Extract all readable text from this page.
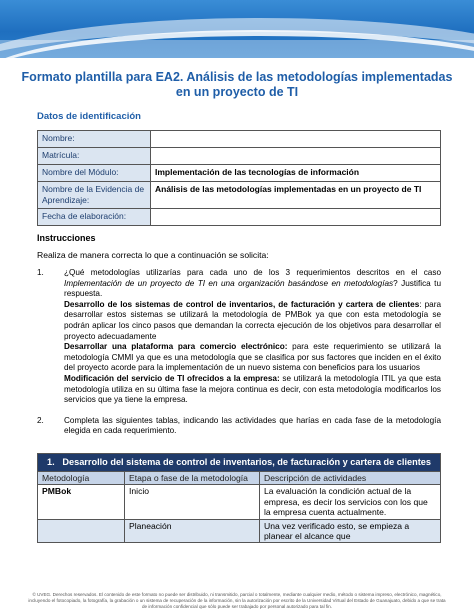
Formato plantilla para EA2. Análisis de las metodologías implementadas
en un proyecto de TI
Datos de identificación
Nombre:	
Matrícula:	
Nombre del Módulo:	Implementación de las tecnologías de información
Nombre de la Evidencia de Aprendizaje:	Análisis de las metodologías implementadas en un proyecto de TI
Fecha de elaboración:	
Instrucciones
Realiza de manera correcta lo que a continuación se solicita:
1. ¿Qué metodologías utilizarías para cada uno de los 3 requerimientos descritos en el caso Implementación de un proyecto de TI en una organización basándose en metodologías? Justifica tu respuesta.
Desarrollo de los sistemas de control de inventarios, de facturación y cartera de clientes: para desarrollar estos sistemas se utilizará la metodología de PMBok ya que con esta metodología se podrán aplicar los cinco pasos que demandan la correcta ejecución de los objetivos para desarrollar el proyecto adecuadamente
Desarrollar una plataforma para comercio electrónico: para este requerimiento se utilizará la metodología CMMI ya que es una metodología que se clasifica por sus factores que inciden en el éxito del proyecto acorde para la implementación de un nuevo sistema con beneficios para los usuarios
Modificación del servicio de TI ofrecidos a la empresa: se utilizará la metodología ITIL ya que esta metodología utiliza en su última fase la mejora continua es decir, con esta metodología modificarlos los servicios que ya tiene la empresa.
2. Completa las siguientes tablas, indicando las actividades que harías en cada fase de la metodología elegida en cada requerimiento.
1. Desarrollo del sistema de control de inventarios, de facturación y cartera de clientes		
Metodología	Etapa o fase de la metodología	Descripción de actividades
PMBok	Inicio	La evaluación la condición actual de la empresa, es decir los servicios con los que la empresa cuenta actualmente.
	Planeación	Una vez verificado esto, se empieza a planear el alcance que
© UVEG. Derechos reservados. El contenido de este formato no puede ser distribuido, ni transmitido, parcial o totalmente, mediante cualquier medio, método o sistema impreso, electrónico, magnético, incluyendo el fotocopiado, la fotografía, la grabación o un sistema de recuperación de la información, sin la autorización por escrito de la Universidad Virtual del Estado de Guanajuato, debido a que se trata de información confidencial que sólo puede ser trabajado por personal autorizado para tal fin.
